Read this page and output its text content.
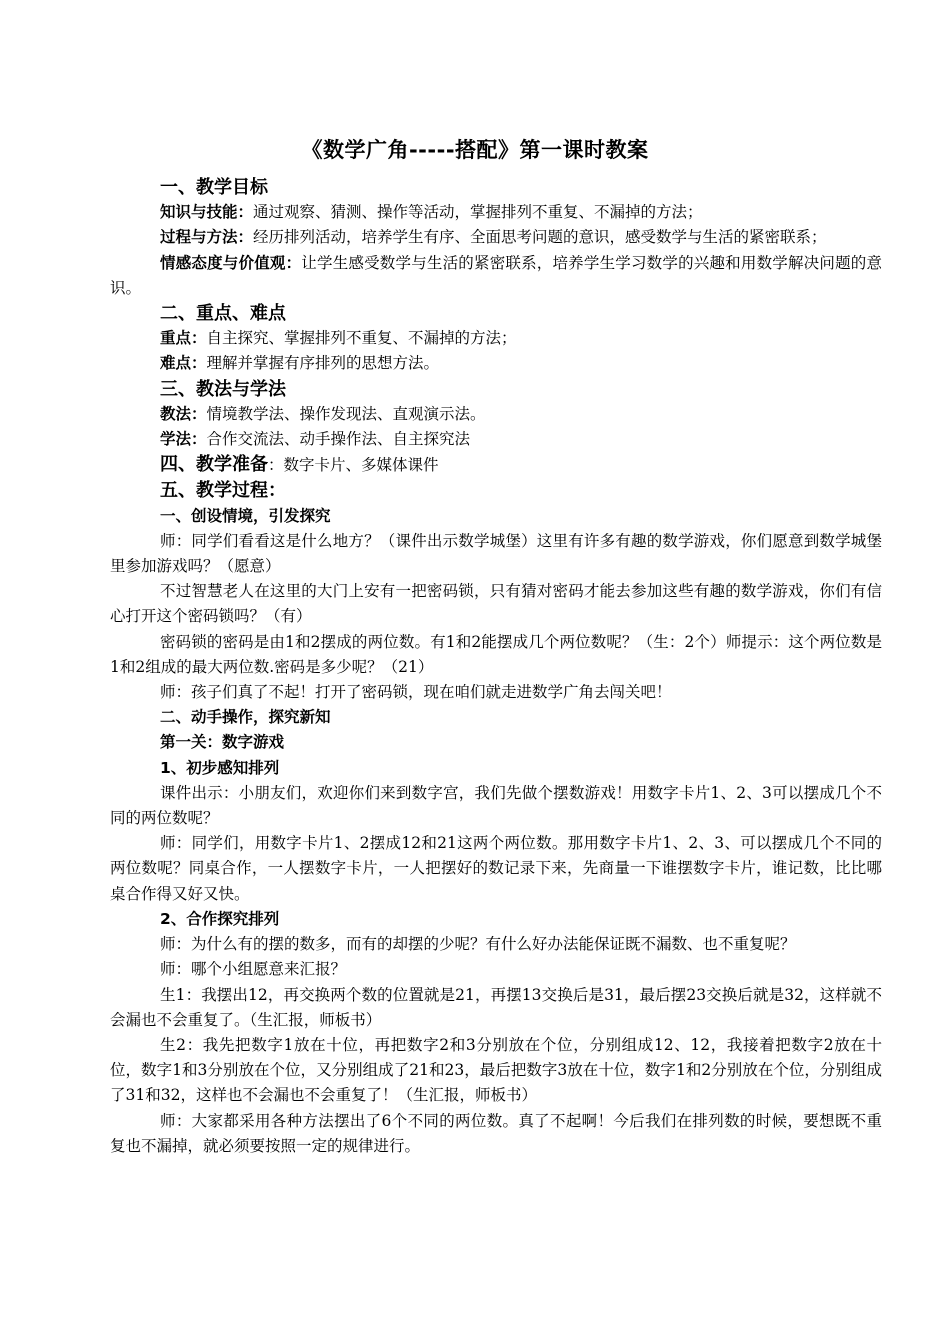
《数学广角-----搭配》第一课时教案
一、教学目标
知识与技能：通过观察、猜测、操作等活动，掌握排列不重复、不漏掉的方法；
过程与方法：经历排列活动，培养学生有序、全面思考问题的意识，感受数学与生活的紧密联系；
情感态度与价值观：让学生感受数学与生活的紧密联系，培养学生学习数学的兴趣和用数学解决问题的意识。
二、重点、难点
重点：自主探究、掌握排列不重复、不漏掉的方法；
难点：理解并掌握有序排列的思想方法。
三、教法与学法
教法：情境教学法、操作发现法、直观演示法。
学法：合作交流法、动手操作法、自主探究法
四、教学准备：数字卡片、多媒体课件
五、教学过程：
一、创设情境，引发探究
师：同学们看看这是什么地方？（课件出示数学城堡）这里有许多有趣的数学游戏，你们愿意到数学城堡里参加游戏吗？（愿意）
不过智慧老人在这里的大门上安有一把密码锁，只有猜对密码才能去参加这些有趣的数学游戏，你们有信心打开这个密码锁吗？（有）
密码锁的密码是由1和2摆成的两位数。有1和2能摆成几个两位数呢？（生：2个）师提示：这个两位数是1和2组成的最大两位数.密码是多少呢？（21）
师：孩子们真了不起！打开了密码锁，现在咱们就走进数学广角去闯关吧！
二、动手操作，探究新知
第一关：数字游戏
1、初步感知排列
课件出示：小朋友们，欢迎你们来到数字宫，我们先做个摆数游戏！用数字卡片1、2、3可以摆成几个不同的两位数呢？
师：同学们，用数字卡片1、2摆成12和21这两个两位数。那用数字卡片1、2、3、可以摆成几个不同的两位数呢？同桌合作，一人摆数字卡片，一人把摆好的数记录下来，先商量一下谁摆数字卡片，谁记数，比比哪桌合作得又好又快。
2、合作探究排列
师：为什么有的摆的数多，而有的却摆的少呢？有什么好办法能保证既不漏数、也不重复呢？
师：哪个小组愿意来汇报？
生1：我摆出12，再交换两个数的位置就是21，再摆13交换后是31，最后摆23交换后就是32，这样就不会漏也不会重复了。（生汇报，师板书）
生2：我先把数字1放在十位，再把数字2和3分别放在个位，分别组成12、12，我接着把数字2放在十位，数字1和3分别放在个位，又分别组成了21和23，最后把数字3放在十位，数字1和2分别放在个位，分别组成了31和32，这样也不会漏也不会重复了！（生汇报，师板书）
师：大家都采用各种方法摆出了6个不同的两位数。真了不起啊！今后我们在排列数的时候，要想既不重复也不漏掉，就必须要按照一定的规律进行。
